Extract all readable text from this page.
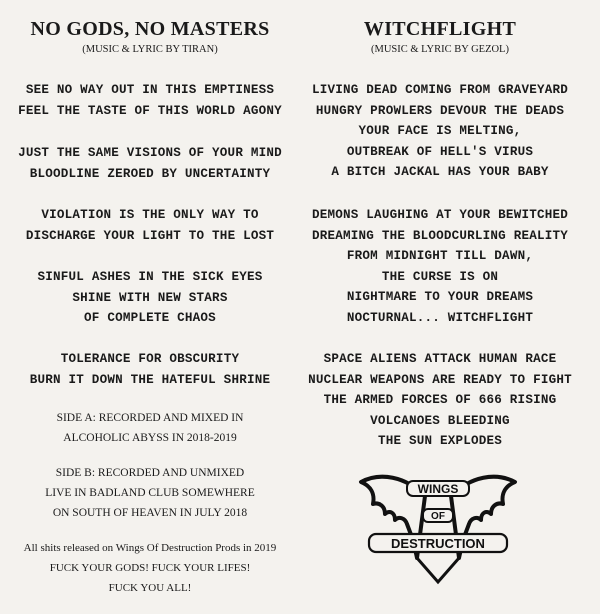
NO GODS, NO MASTERS

(MUSIC & LYRIC BY TIRAN)

SEE NO WAY OUT IN THIS EMPTINESS
FEEL THE TASTE OF THIS WORLD AGONY
JUST THE SAME VISIONS OF YOUR MIND
BLOODLINE ZEROED BY UNCERTAINTY
VIOLATION IS THE ONLY WAY TO
DISCHARGE YOUR LIGHT TO THE LOST
SINFUL ASHES IN THE SICK EYES
SHINE WITH NEW STARS
OF COMPLETE CHAOS
TOLERANCE FOR OBSCURITY
BURN IT DOWN THE HATEFUL SHRINE
SIDE A: RECORDED AND MIXED IN
ALCOHOLIC ABYSS IN 2018-2019
SIDE B: RECORDED AND UNMIXED
LIVE IN BADLAND CLUB SOMEWHERE
ON SOUTH OF HEAVEN IN JULY 2018
All shits released on Wings Of Destruction Prods in 2019
FUCK YOUR GODS! FUCK YOUR LIFES!
FUCK YOU ALL!
WITCHFLIGHT

(MUSIC & LYRIC BY GEZOL)

LIVING DEAD COMING FROM GRAVEYARD
HUNGRY PROWLERS DEVOUR THE DEADS
YOUR FACE IS MELTING,
OUTBREAK OF HELL'S VIRUS
A BITCH JACKAL HAS YOUR BABY
DEMONS LAUGHING AT YOUR BEWITCHED
DREAMING THE BLOODCURLING REALITY
FROM MIDNIGHT TILL DAWN,
THE CURSE IS ON
NIGHTMARE TO YOUR DREAMS
NOCTURNAL... WITCHFLIGHT
SPACE ALIENS ATTACK HUMAN RACE
NUCLEAR WEAPONS ARE READY TO FIGHT
THE ARMED FORCES OF 666 RISING
VOLCANOES BLEEDING
THE SUN EXPLODES
WINGS
OF
DESTRUCTION
